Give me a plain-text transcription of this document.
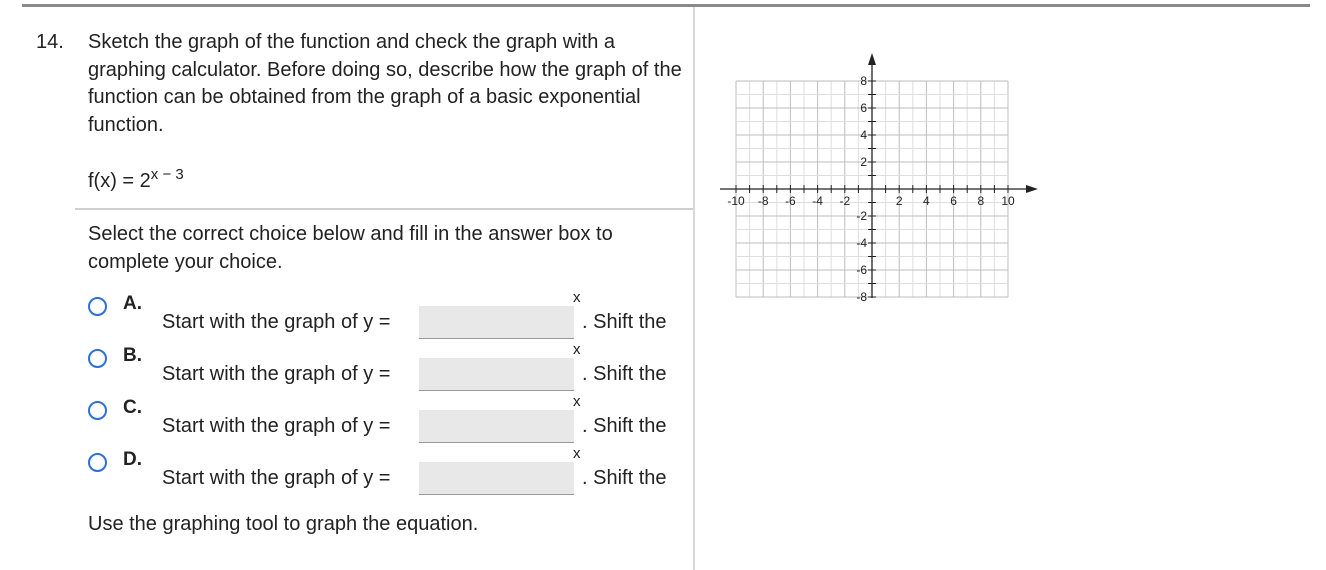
14. Sketch the graph of the function and check the graph with a graphing calculator. Before doing so, describe how the graph of the function can be obtained from the graph of a basic exponential function.
$f(x) = 2^{x - 3}$
Select the correct choice below and fill in the answer box to complete your choice.
A.
Start with the graph of y =
x
. Shift the
B.
Start with the graph of y =
x
. Shift the
C.
Start with the graph of y =
x
. Shift the
D.
Start with the graph of y =
x
. Shift the
Use the graphing tool to graph the equation.
-10 -8 -6 -4 -2	2 4 6 8 10
8
6
4
2
-2
-4
-6
-8
